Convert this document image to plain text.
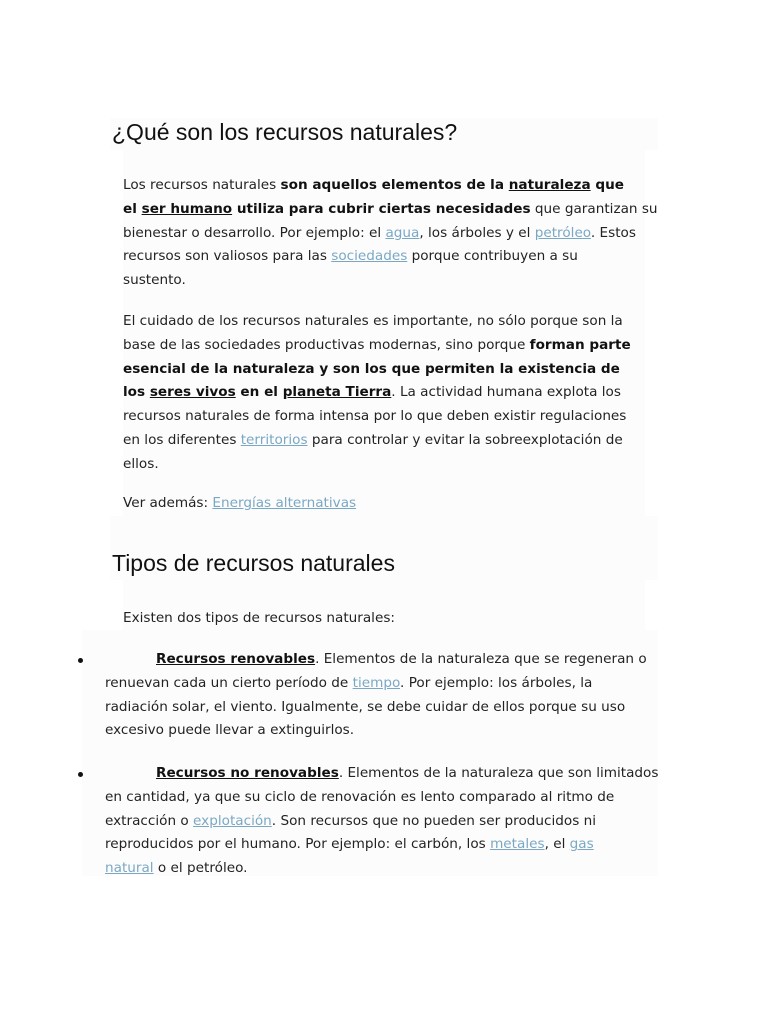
¿Qué son los recursos naturales?

Los recursos naturales son aquellos elementos de la naturaleza que
el ser humano utiliza para cubrir ciertas necesidades que garantizan su
bienestar o desarrollo. Por ejemplo: el agua, los árboles y el petróleo. Estos
recursos son valiosos para las sociedades porque contribuyen a su
sustento.

El cuidado de los recursos naturales es importante, no sólo porque son la
base de las sociedades productivas modernas, sino porque forman parte
esencial de la naturaleza y son los que permiten la existencia de
los seres vivos en el planeta Tierra. La actividad humana explota los
recursos naturales de forma intensa por lo que deben existir regulaciones
en los diferentes territorios para controlar y evitar la sobreexplotación de
ellos.

Ver además: Energías alternativas

Tipos de recursos naturales

Existen dos tipos de recursos naturales:

Recursos renovables. Elementos de la naturaleza que se regeneran o
renuevan cada un cierto período de tiempo. Por ejemplo: los árboles, la
radiación solar, el viento. Igualmente, se debe cuidar de ellos porque su uso
excesivo puede llevar a extinguirlos.
Recursos no renovables. Elementos de la naturaleza que son limitados
en cantidad, ya que su ciclo de renovación es lento comparado al ritmo de
extracción o explotación. Son recursos que no pueden ser producidos ni
reproducidos por el humano. Por ejemplo: el carbón, los metales, el gas
natural o el petróleo.
